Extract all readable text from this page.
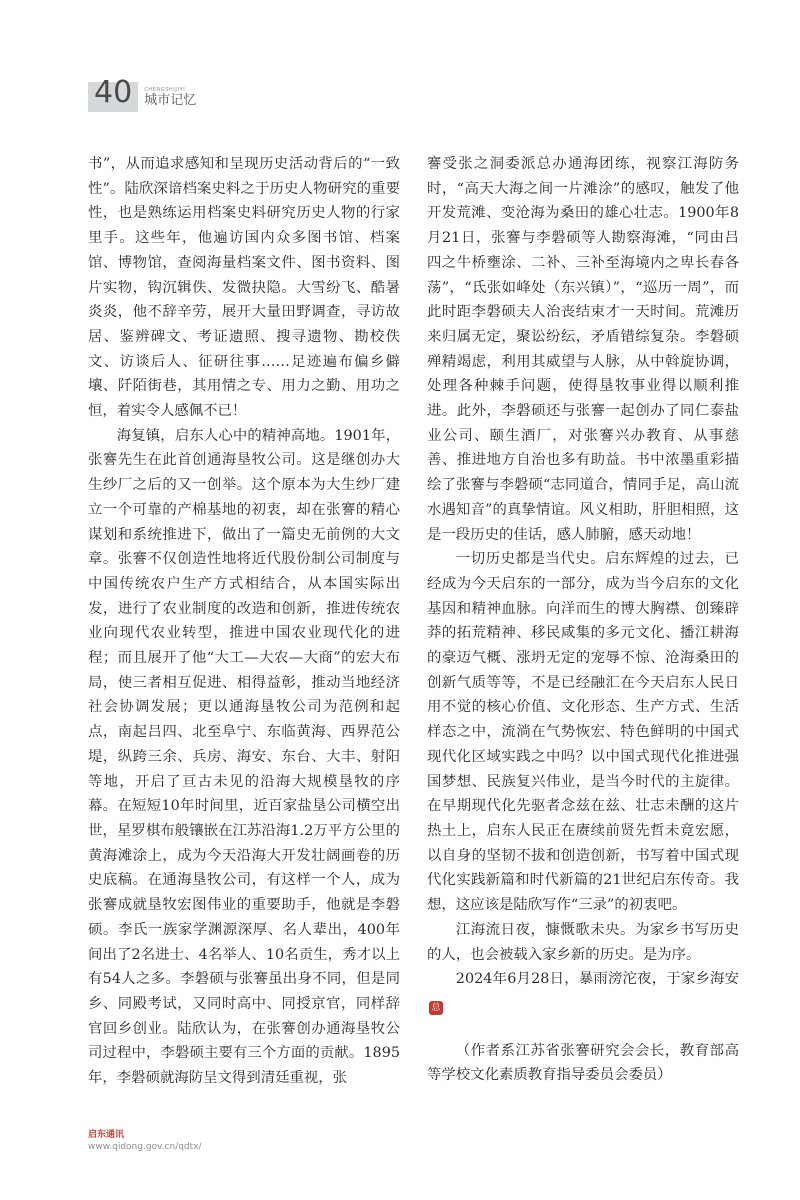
40	CHENGSHIJIYI
城市记忆

书”，从而追求感知和呈现历史活动背后的“一致性”。陆欣深谙档案史料之于历史人物研究的重要性，也是熟练运用档案史料研究历史人物的行家里手。这些年，他遍访国内众多图书馆、档案馆、博物馆，查阅海量档案文件、图书资料、图片实物，钩沉辑佚、发微抉隐。大雪纷飞、酷暑炎炎，他不辞辛劳，展开大量田野调查，寻访故居、鉴辨碑文、考证遗照、搜寻遗物、勘校佚文、访谈后人、征研往事……足迹遍布偏乡僻壤、阡陌街巷，其用情之专、用力之勤、用功之恒，着实令人感佩不已！

海复镇，启东人心中的精神高地。1901年，张謇先生在此首创通海垦牧公司。这是继创办大生纱厂之后的又一创举。这个原本为大生纱厂建立一个可靠的产棉基地的初衷，却在张謇的精心谋划和系统推进下，做出了一篇史无前例的大文章。张謇不仅创造性地将近代股份制公司制度与中国传统农户生产方式相结合，从本国实际出发，进行了农业制度的改造和创新，推进传统农业向现代农业转型，推进中国农业现代化的进程；而且展开了他“大工—大农—大商”的宏大布局，使三者相互促进、相得益彰，推动当地经济社会协调发展；更以通海垦牧公司为范例和起点，南起吕四、北至阜宁、东临黄海、西界范公堤，纵跨三余、兵房、海安、东台、大丰、射阳等地，开启了亘古未见的沿海大规模垦牧的序幕。在短短10年时间里，近百家盐垦公司横空出世，星罗棋布般镶嵌在江苏沿海1.2万平方公里的黄海滩涂上，成为今天沿海大开发壮阔画卷的历史底稿。在通海垦牧公司，有这样一个人，成为张謇成就垦牧宏图伟业的重要助手，他就是李磐硕。李氏一族家学渊源深厚、名人辈出，400年间出了2名进士、4名举人、10名贡生，秀才以上有54人之多。李磐硕与张謇虽出身不同，但是同乡、同殿考试，又同时高中、同授京官，同样辞官回乡创业。陆欣认为，在张謇创办通海垦牧公司过程中，李磐硕主要有三个方面的贡献。1895年，李磐硕就海防呈文得到清廷重视，张

謇受张之洞委派总办通海团练，视察江海防务时，“高天大海之间一片滩涂”的感叹，触发了他开发荒滩、变沧海为桑田的雄心壮志。1900年8月21日，张謇与李磐硕等人勘察海滩，“同由吕四之牛桥壅涂、二补、三补至海境内之卑长春各荡”，“氐张如峰处（东兴镇）”，“巡历一周”，而此时距李磐硕夫人治丧结束才一天时间。荒滩历来归属无定，聚讼纷纭，矛盾错综复杂。李磐硕殚精竭虑，利用其威望与人脉，从中斡旋协调，处理各种棘手问题，使得垦牧事业得以顺利推进。此外，李磐硕还与张謇一起创办了同仁泰盐业公司、颐生酒厂，对张謇兴办教育、从事慈善、推进地方自治也多有助益。书中浓墨重彩描绘了张謇与李磐硕“志同道合，情同手足，高山流水遇知音”的真挚情谊。风义相助，肝胆相照，这是一段历史的佳话，感人肺腑，感天动地！

一切历史都是当代史。启东辉煌的过去，已经成为今天启东的一部分，成为当今启东的文化基因和精神血脉。向洋而生的博大胸襟、创臻辟莽的拓荒精神、移民咸集的多元文化、播江耕海的豪迈气概、涨坍无定的宠辱不惊、沧海桑田的创新气质等等，不是已经融汇在今天启东人民日用不觉的核心价值、文化形态、生产方式、生活样态之中，流淌在气势恢宏、特色鲜明的中国式现代化区域实践之中吗？以中国式现代化推进强国梦想、民族复兴伟业，是当今时代的主旋律。在早期现代化先驱者念兹在兹、壮志未酬的这片热土上，启东人民正在赓续前贤先哲未竟宏愿，以自身的坚韧不拔和创造创新，书写着中国式现代化实践新篇和时代新篇的21世纪启东传奇。我想，这应该是陆欣写作“三录”的初衷吧。

江海流日夜，慷慨歌未央。为家乡书写历史的人，也会被载入家乡新的历史。是为序。

2024年6月28日，暴雨滂沱夜，于家乡海安总

（作者系江苏省张謇研究会会长，教育部高等学校文化素质教育指导委员会委员）

启东通讯
www.qidong.gov.cn/qdtx/
